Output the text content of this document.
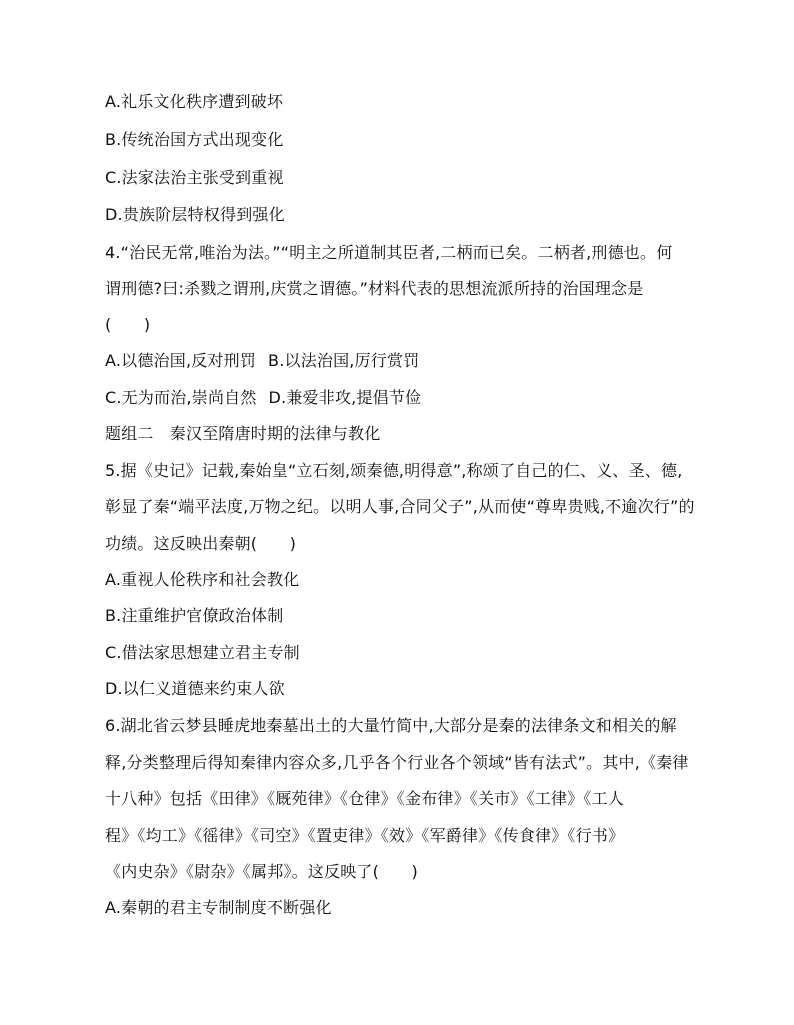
A.礼乐文化秩序遭到破坏
B.传统治国方式出现变化
C.法家法治主张受到重视
D.贵族阶层特权得到强化
4.“治民无常,唯治为法。”“明主之所道制其臣者,二柄而已矣。二柄者,刑德也。何
谓刑德?曰:杀戮之谓刑,庆赏之谓德。”材料代表的思想流派所持的治国理念是
(　　)
A.以德治国,反对刑罚 B.以法治国,厉行赏罚
C.无为而治,崇尚自然 D.兼爱非攻,提倡节俭
题组二　秦汉至隋唐时期的法律与教化
5.据《史记》记载,秦始皇“立石刻,颂秦德,明得意”,称颂了自己的仁、义、圣、德,
彰显了秦“端平法度,万物之纪。以明人事,合同父子”,从而使“尊卑贵贱,不逾次行”的
功绩。这反映出秦朝(　　)
A.重视人伦秩序和社会教化
B.注重维护官僚政治体制
C.借法家思想建立君主专制
D.以仁义道德来约束人欲
6.湖北省云梦县睡虎地秦墓出土的大量竹简中,大部分是秦的法律条文和相关的解
释,分类整理后得知秦律内容众多,几乎各个行业各个领域“皆有法式”。其中,《秦律
十八种》包括《田律》《厩苑律》《仓律》《金布律》《关市》《工律》《工人
程》《均工》《徭律》《司空》《置吏律》《效》《军爵律》《传食律》《行书》
《内史杂》《尉杂》《属邦》。这反映了(　　)
A.秦朝的君主专制制度不断强化
